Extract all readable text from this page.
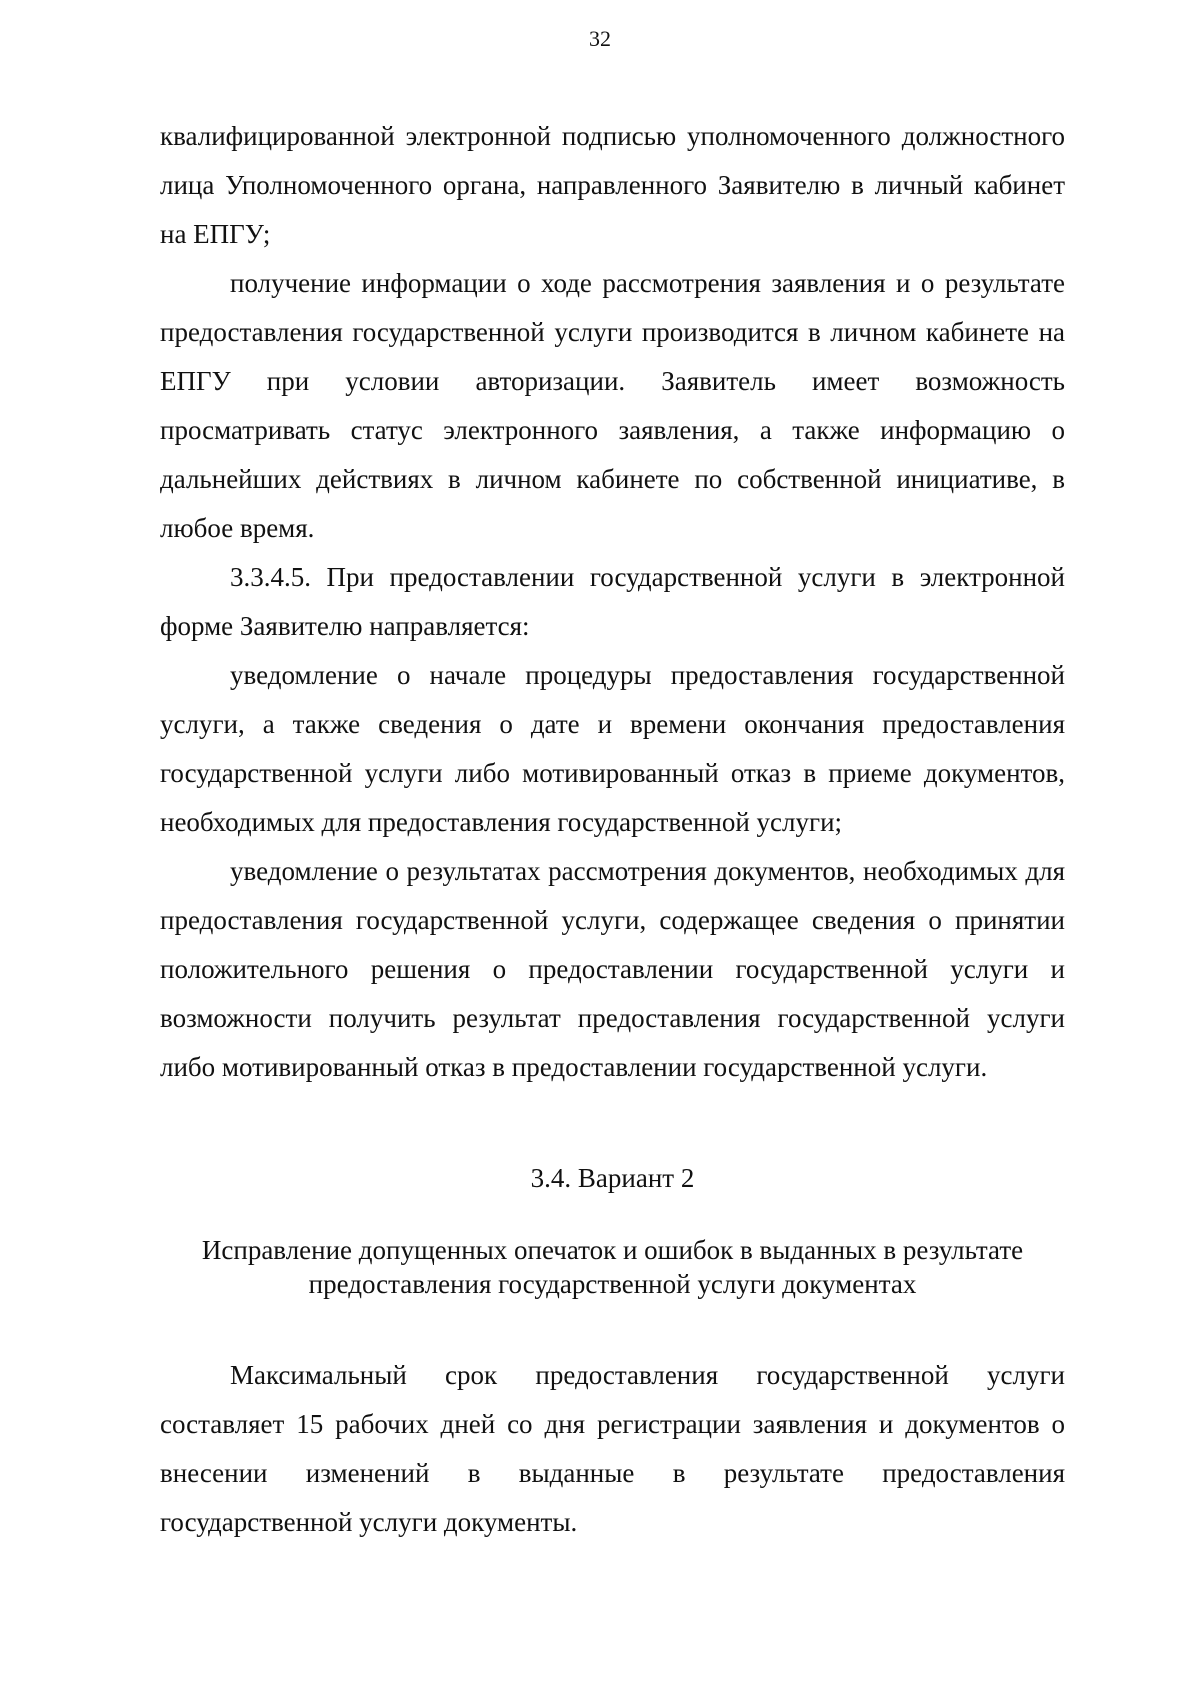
32

квалифицированной электронной подписью уполномоченного должностного лица Уполномоченного органа, направленного Заявителю в личный кабинет на ЕПГУ;

получение информации о ходе рассмотрения заявления и о результате предоставления государственной услуги производится в личном кабинете на ЕПГУ при условии авторизации. Заявитель имеет возможность просматривать статус электронного заявления, а также информацию о дальнейших действиях в личном кабинете по собственной инициативе, в любое время.

3.3.4.5. При предоставлении государственной услуги в электронной форме Заявителю направляется:

уведомление о начале процедуры предоставления государственной услуги, а также сведения о дате и времени окончания предоставления государственной услуги либо мотивированный отказ в приеме документов, необходимых для предоставления государственной услуги;

уведомление о результатах рассмотрения документов, необходимых для предоставления государственной услуги, содержащее сведения о принятии положительного решения о предоставлении государственной услуги и возможности получить результат предоставления государственной услуги либо мотивированный отказ в предоставлении государственной услуги.

3.4. Вариант 2

Исправление допущенных опечаток и ошибок в выданных в результате
предоставления государственной услуги документах

Максимальный срок предоставления государственной услуги составляет 15 рабочих дней со дня регистрации заявления и документов о внесении изменений в выданные в результате предоставления государственной услуги документы.
